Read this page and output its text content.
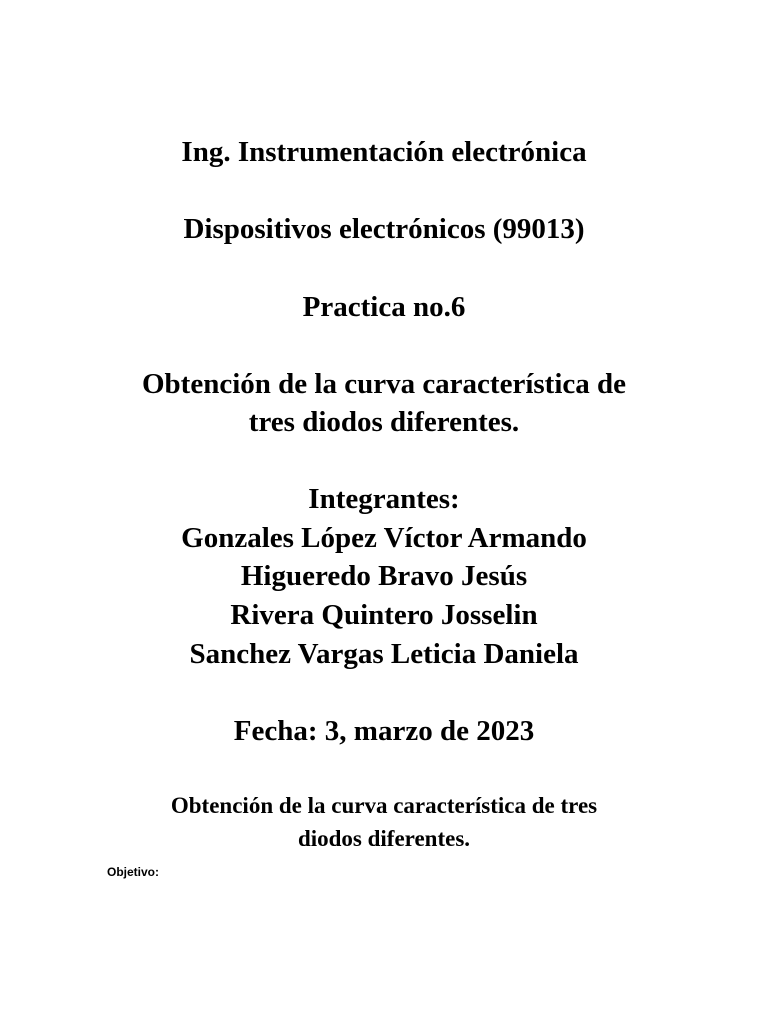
Ing. Instrumentación electrónica
Dispositivos electrónicos (99013)
Practica no.6
Obtención de la curva característica de
tres diodos diferentes.
Integrantes:
Gonzales López Víctor Armando
Higueredo Bravo Jesús
Rivera Quintero Josselin
Sanchez Vargas Leticia Daniela
Fecha: 3, marzo de 2023
Obtención de la curva característica de tres
diodos diferentes.
Objetivo:
